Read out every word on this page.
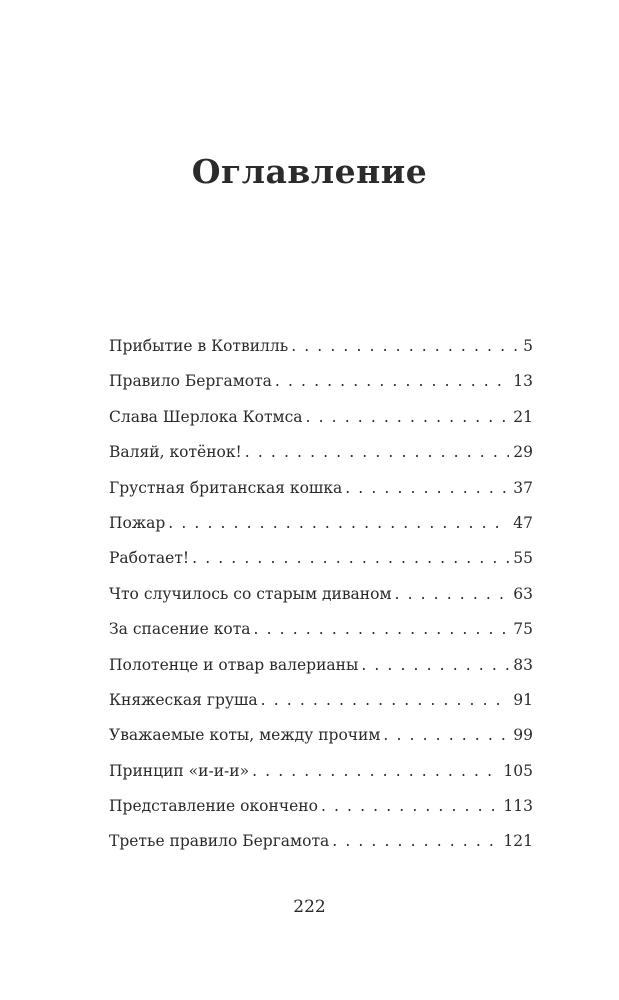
Оглавление
Прибытие в Котвилль . . .	5
Правило Бергамота . . .	13
Слава Шерлока Котмса . . .	21
Валяй, котёнок! . . .	29
Грустная британская кошка . . .	37
Пожар . . .	47
Работает! . . .	55
Что случилось со старым диваном . . .	63
За спасение кота . . .	75
Полотенце и отвар валерианы . . .	83
Княжеская груша . . .	91
Уважаемые коты, между прочим . . .	99
Принцип «и-и-и» . . .	105
Представление окончено . . .	113
Третье правило Бергамота . . .	121
222
